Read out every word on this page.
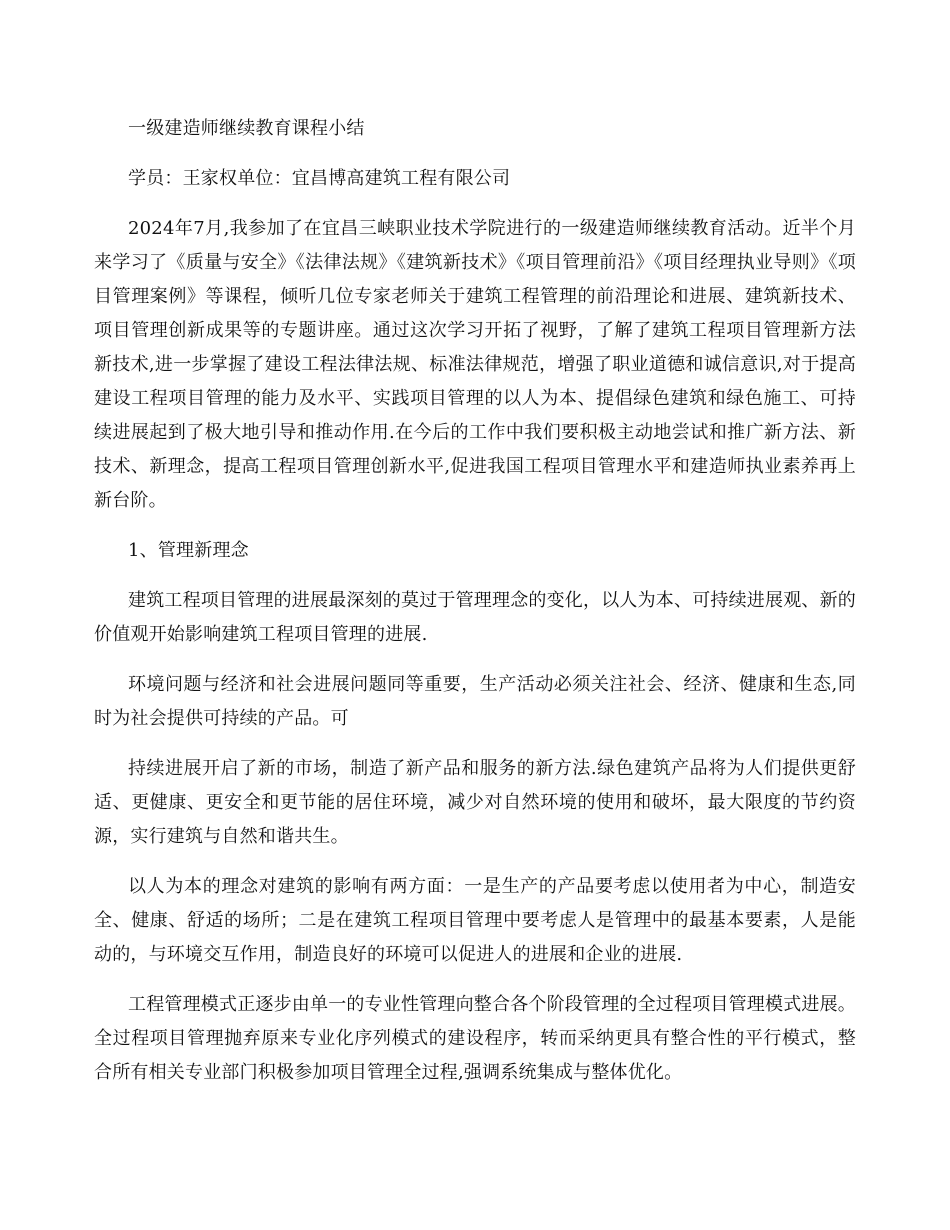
一级建造师继续教育课程小结

学员：王家权单位：宜昌博高建筑工程有限公司

2024年7月,我参加了在宜昌三峡职业技术学院进行的一级建造师继续教育活动。近半个月来学习了《质量与安全》《法律法规》《建筑新技术》《项目管理前沿》《项目经理执业导则》《项目管理案例》等课程，倾听几位专家老师关于建筑工程管理的前沿理论和进展、建筑新技术、项目管理创新成果等的专题讲座。通过这次学习开拓了视野，了解了建筑工程项目管理新方法新技术,进一步掌握了建设工程法律法规、标准法律规范，增强了职业道德和诚信意识,对于提高建设工程项目管理的能力及水平、实践项目管理的以人为本、提倡绿色建筑和绿色施工、可持续进展起到了极大地引导和推动作用.在今后的工作中我们要积极主动地尝试和推广新方法、新技术、新理念，提高工程项目管理创新水平,促进我国工程项目管理水平和建造师执业素养再上新台阶。

1、管理新理念

建筑工程项目管理的进展最深刻的莫过于管理理念的变化，以人为本、可持续进展观、新的价值观开始影响建筑工程项目管理的进展.

环境问题与经济和社会进展问题同等重要，生产活动必须关注社会、经济、健康和生态,同时为社会提供可持续的产品。可

持续进展开启了新的市场，制造了新产品和服务的新方法.绿色建筑产品将为人们提供更舒适、更健康、更安全和更节能的居住环境，减少对自然环境的使用和破坏，最大限度的节约资源，实行建筑与自然和谐共生。

以人为本的理念对建筑的影响有两方面：一是生产的产品要考虑以使用者为中心，制造安全、健康、舒适的场所；二是在建筑工程项目管理中要考虑人是管理中的最基本要素，人是能动的，与环境交互作用，制造良好的环境可以促进人的进展和企业的进展.

工程管理模式正逐步由单一的专业性管理向整合各个阶段管理的全过程项目管理模式进展。全过程项目管理抛弃原来专业化序列模式的建设程序，转而采纳更具有整合性的平行模式，整合所有相关专业部门积极参加项目管理全过程,强调系统集成与整体优化。
